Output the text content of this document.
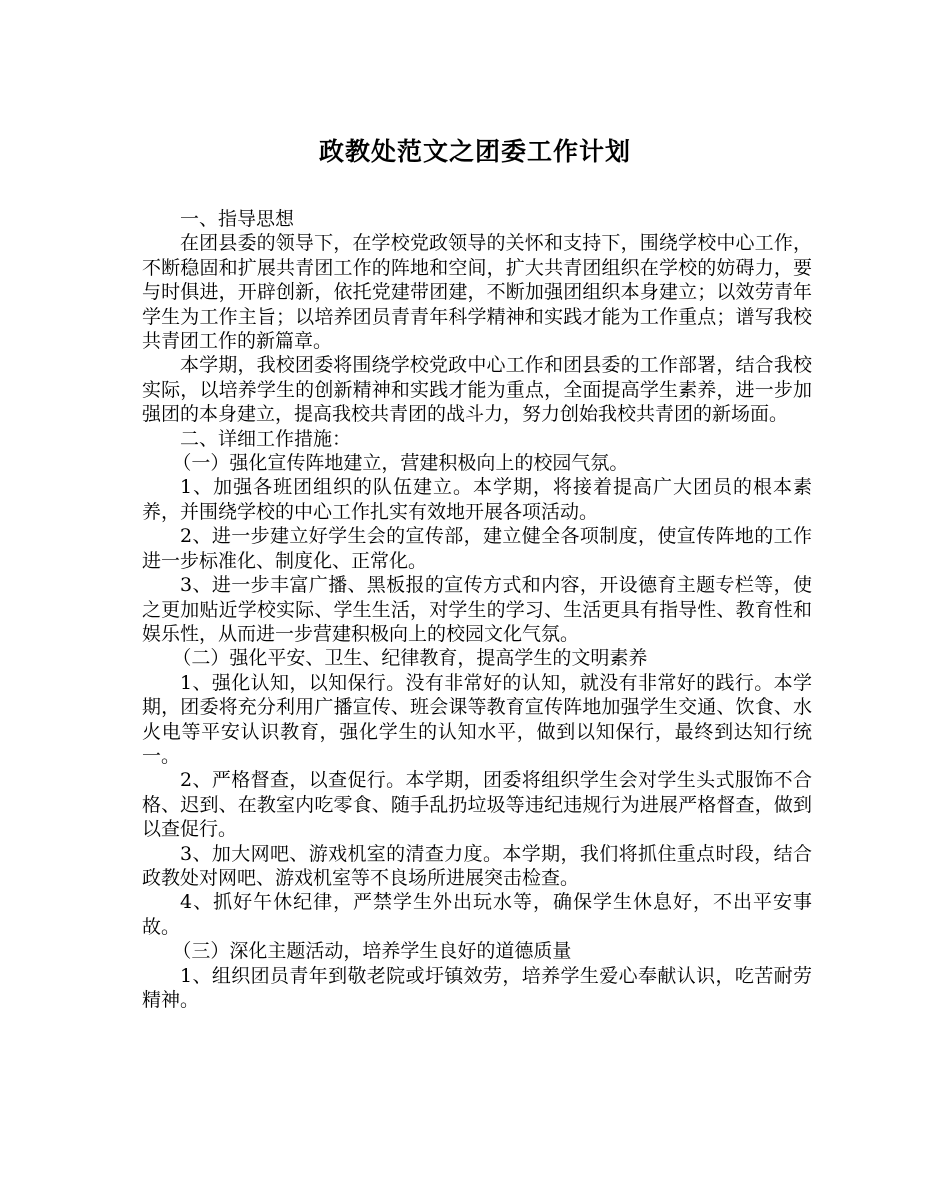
政教处范文之团委工作计划

一、指导思想

在团县委的领导下，在学校党政领导的关怀和支持下，围绕学校中心工作，不断稳固和扩展共青团工作的阵地和空间，扩大共青团组织在学校的妨碍力，要与时俱进，开辟创新，依托党建带团建，不断加强团组织本身建立；以效劳青年学生为工作主旨；以培养团员青青年科学精神和实践才能为工作重点；谱写我校共青团工作的新篇章。

本学期，我校团委将围绕学校党政中心工作和团县委的工作部署，结合我校实际，以培养学生的创新精神和实践才能为重点，全面提高学生素养，进一步加强团的本身建立，提高我校共青团的战斗力，努力创始我校共青团的新场面。

二、详细工作措施：

（一）强化宣传阵地建立，营建积极向上的校园气氛。

1、加强各班团组织的队伍建立。本学期，将接着提高广大团员的根本素养，并围绕学校的中心工作扎实有效地开展各项活动。

2、进一步建立好学生会的宣传部，建立健全各项制度，使宣传阵地的工作进一步标准化、制度化、正常化。

3、进一步丰富广播、黑板报的宣传方式和内容，开设德育主题专栏等，使之更加贴近学校实际、学生生活，对学生的学习、生活更具有指导性、教育性和娱乐性，从而进一步营建积极向上的校园文化气氛。

（二）强化平安、卫生、纪律教育，提高学生的文明素养

1、强化认知，以知保行。没有非常好的认知，就没有非常好的践行。本学期，团委将充分利用广播宣传、班会课等教育宣传阵地加强学生交通、饮食、水火电等平安认识教育，强化学生的认知水平，做到以知保行，最终到达知行统一。

2、严格督查，以查促行。本学期，团委将组织学生会对学生头式服饰不合格、迟到、在教室内吃零食、随手乱扔垃圾等违纪违规行为进展严格督查，做到以查促行。

3、加大网吧、游戏机室的清查力度。本学期，我们将抓住重点时段，结合政教处对网吧、游戏机室等不良场所进展突击检查。

4、抓好午休纪律，严禁学生外出玩水等，确保学生休息好，不出平安事故。

（三）深化主题活动，培养学生良好的道德质量

1、组织团员青年到敬老院或圩镇效劳，培养学生爱心奉献认识，吃苦耐劳精神。
